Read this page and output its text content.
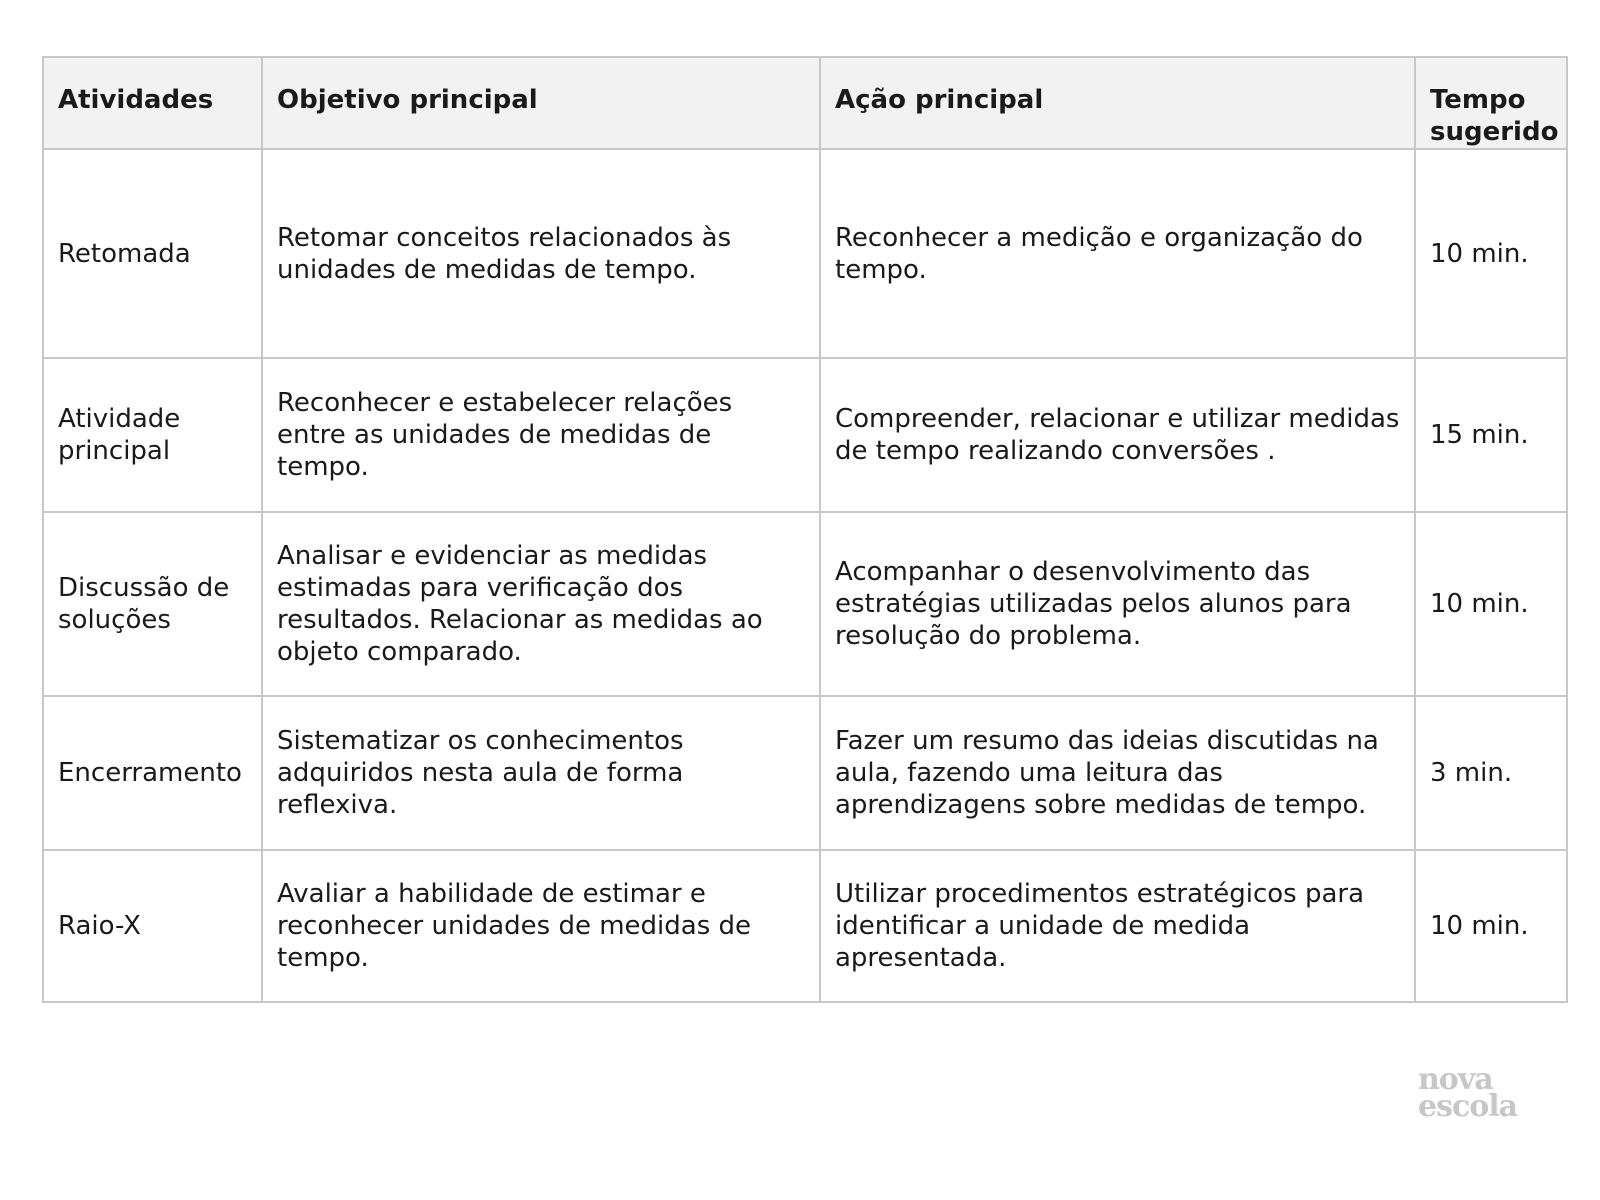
Atividades	Objetivo principal	Ação principal	Tempo sugerido
Retomada	Retomar conceitos relacionados às unidades de medidas de tempo.	Reconhecer a medição e organização do tempo.	10 min.
Atividade principal	Reconhecer e estabelecer relações entre as unidades de medidas de tempo.	Compreender, relacionar e utilizar medidas de tempo realizando conversões .	15 min.
Discussão de soluções	Analisar e evidenciar as medidas estimadas para verificação dos resultados. Relacionar as medidas ao objeto comparado.	Acompanhar o desenvolvimento das estratégias utilizadas pelos alunos para resolução do problema.	10 min.
Encerramento	Sistematizar os conhecimentos adquiridos nesta aula de forma reflexiva.	Fazer um resumo das ideias discutidas na aula, fazendo uma leitura das aprendizagens sobre medidas de tempo.	3 min.
Raio-X	Avaliar a habilidade de estimar e reconhecer unidades de medidas de tempo.	Utilizar procedimentos estratégicos para identificar a unidade de medida apresentada.	10 min.
nova
escola
